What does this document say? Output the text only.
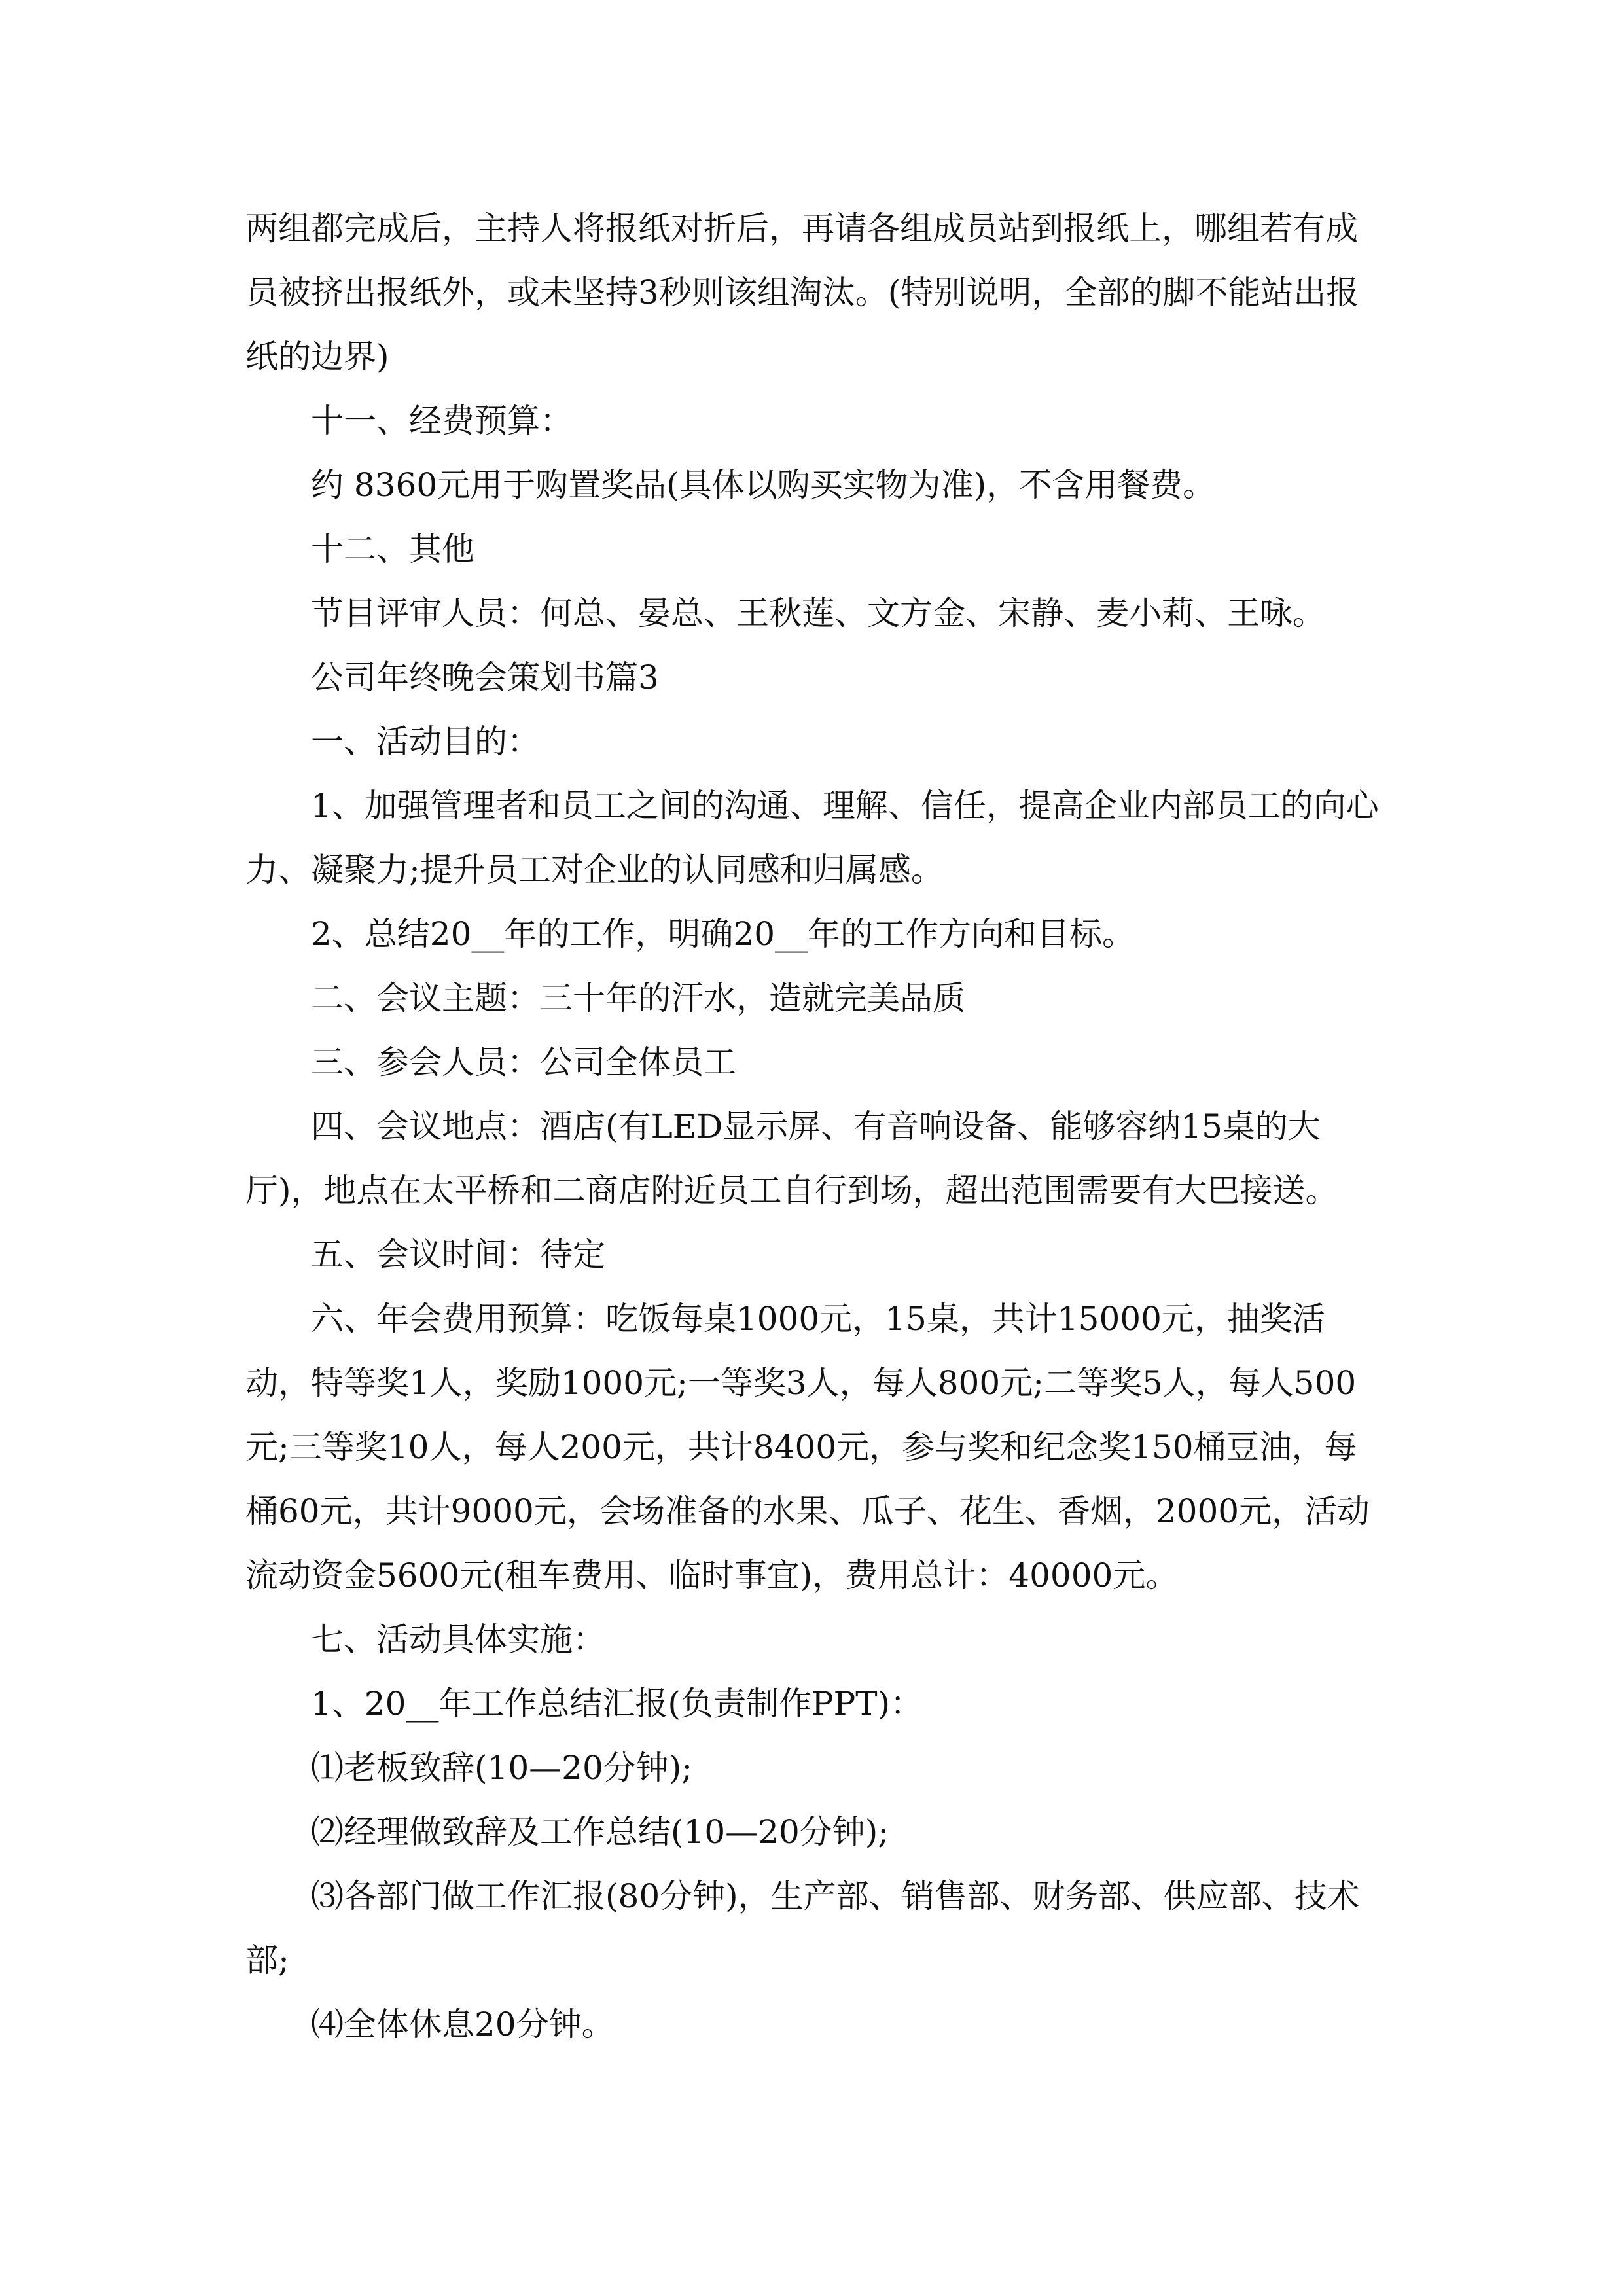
两组都完成后，主持人将报纸对折后，再请各组成员站到报纸上，哪组若有成员被挤出报纸外，或未坚持3秒则该组淘汰。(特别说明，全部的脚不能站出报纸的边界)

十一、经费预算：

约 8360元用于购置奖品(具体以购买实物为准)，不含用餐费。

十二、其他

节目评审人员：何总、晏总、王秋莲、文方金、宋静、麦小莉、王咏。

公司年终晚会策划书篇3

一、活动目的：

1、加强管理者和员工之间的沟通、理解、信任，提高企业内部员工的向心力、凝聚力;提升员工对企业的认同感和归属感。

2、总结20__年的工作，明确20__年的工作方向和目标。

二、会议主题：三十年的汗水，造就完美品质

三、参会人员：公司全体员工

四、会议地点：酒店(有LED显示屏、有音响设备、能够容纳15桌的大厅)，地点在太平桥和二商店附近员工自行到场，超出范围需要有大巴接送。

五、会议时间：待定

六、年会费用预算：吃饭每桌1000元，15桌，共计15000元，抽奖活动，特等奖1人，奖励1000元;一等奖3人，每人800元;二等奖5人，每人500元;三等奖10人，每人200元，共计8400元，参与奖和纪念奖150桶豆油，每桶60元，共计9000元，会场准备的水果、瓜子、花生、香烟，2000元，活动流动资金5600元(租车费用、临时事宜)，费用总计：40000元。

七、活动具体实施：

1、20__年工作总结汇报(负责制作PPT)：

⑴老板致辞(10—20分钟);

⑵经理做致辞及工作总结(10—20分钟);

⑶各部门做工作汇报(80分钟)，生产部、销售部、财务部、供应部、技术部;

⑷全体休息20分钟。
